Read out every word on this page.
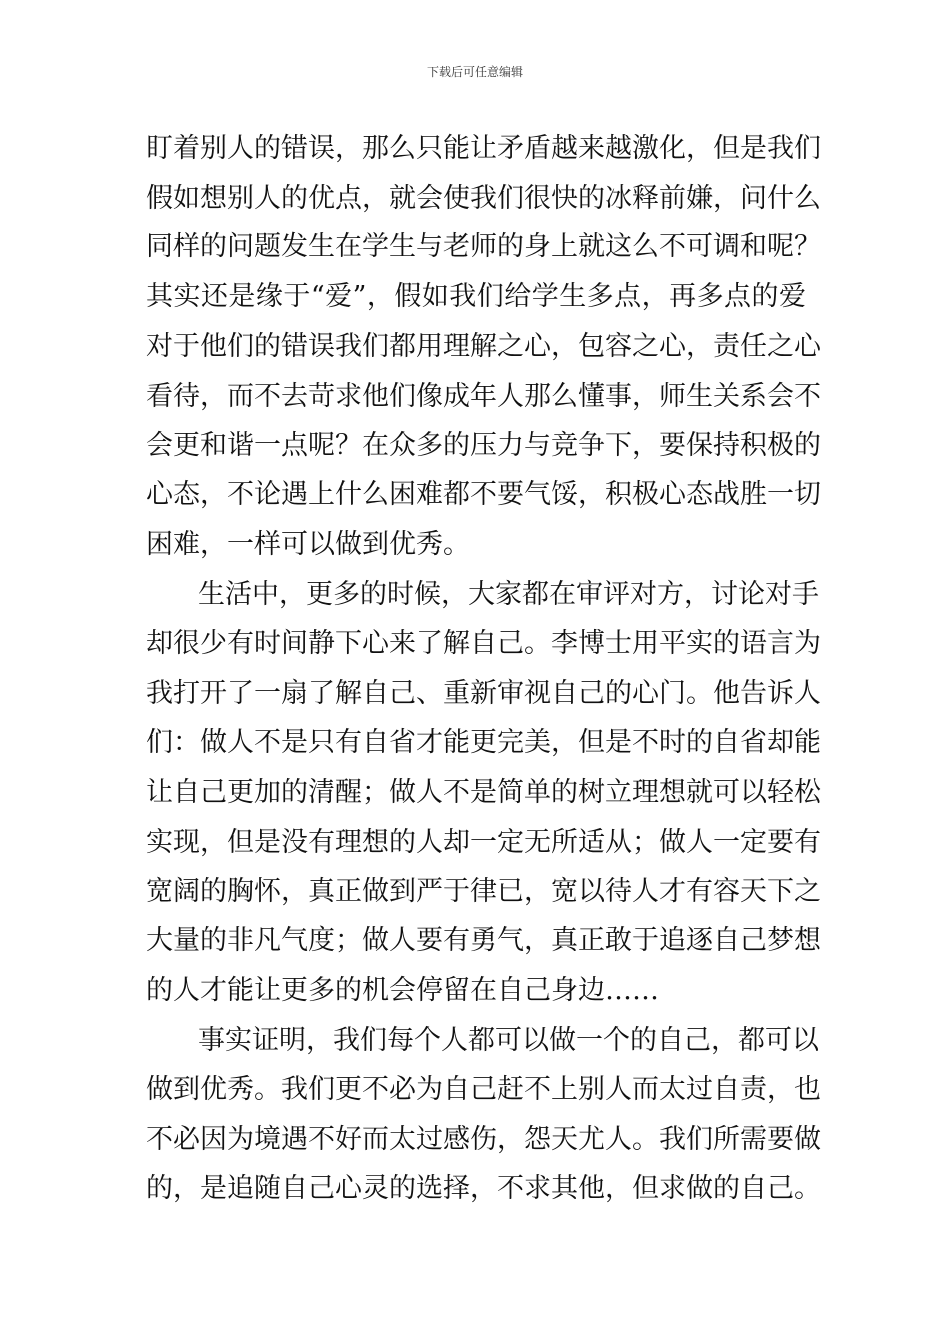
下载后可任意编辑
盯着别人的错误，那么只能让矛盾越来越激化，但是我们
假如想别人的优点，就会使我们很快的冰释前嫌，问什么
同样的问题发生在学生与老师的身上就这么不可调和呢？
其实还是缘于“爱”，假如我们给学生多点，再多点的爱
对于他们的错误我们都用理解之心，包容之心，责任之心
看待，而不去苛求他们像成年人那么懂事，师生关系会不
会更和谐一点呢？在众多的压力与竞争下，要保持积极的
心态，不论遇上什么困难都不要气馁，积极心态战胜一切
困难，一样可以做到优秀。
生活中，更多的时候，大家都在审评对方，讨论对手
却很少有时间静下心来了解自己。李博士用平实的语言为
我打开了一扇了解自己、重新审视自己的心门。他告诉人
们：做人不是只有自省才能更完美，但是不时的自省却能
让自己更加的清醒；做人不是简单的树立理想就可以轻松
实现，但是没有理想的人却一定无所适从；做人一定要有
宽阔的胸怀，真正做到严于律已，宽以待人才有容天下之
大量的非凡气度；做人要有勇气，真正敢于追逐自己梦想
的人才能让更多的机会停留在自己身边……
事实证明，我们每个人都可以做一个的自己，都可以
做到优秀。我们更不必为自己赶不上别人而太过自责，也
不必因为境遇不好而太过感伤，怨天尤人。我们所需要做
的，是追随自己心灵的选择，不求其他，但求做的自己。
